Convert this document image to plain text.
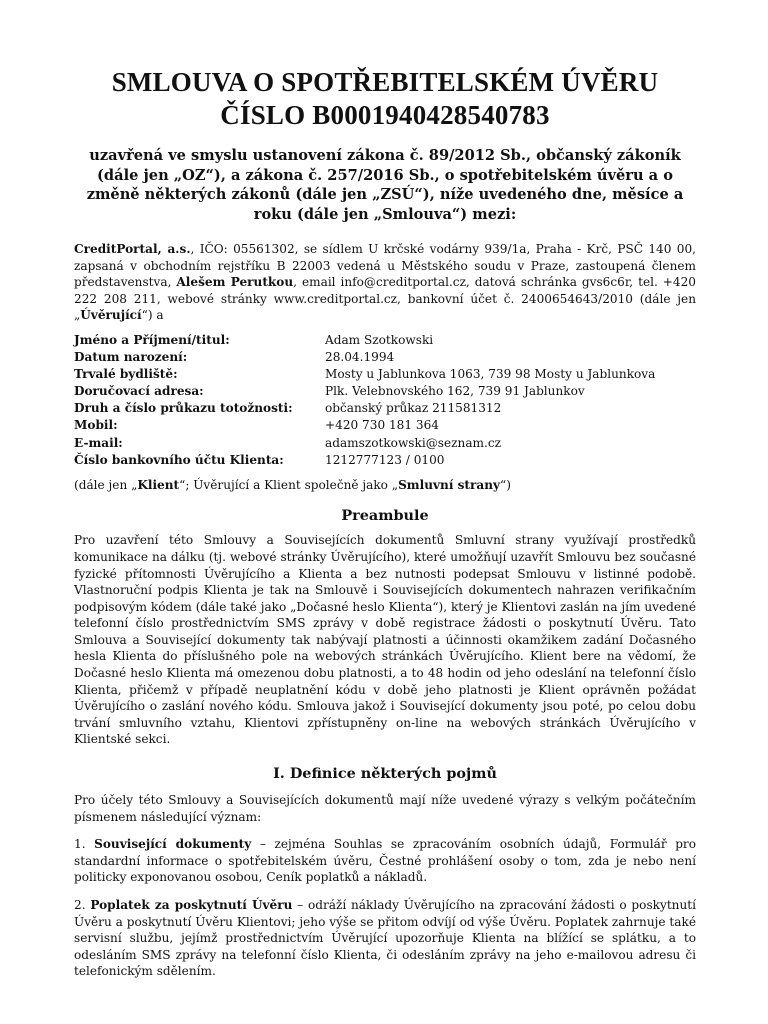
SMLOUVA O SPOTŘEBITELSKÉM ÚVĚRU
ČÍSLO B0001940428540783
uzavřená ve smyslu ustanovení zákona č. 89/2012 Sb., občanský zákoník (dále jen „OZ“), a zákona č. 257/2016 Sb., o spotřebitelském úvěru a o změně některých zákonů (dále jen „ZSÚ“), níže uvedeného dne, měsíce a roku (dále jen „Smlouva“) mezi:
CreditPortal, a.s., IČO: 05561302, se sídlem U krčské vodárny 939/1a, Praha - Krč, PSČ 140 00, zapsaná v obchodním rejstříku B 22003 vedená u Městského soudu v Praze, zastoupená členem představenstva, Alešem Perutkou, email info@creditportal.cz, datová schránka gvs6c6r, tel. +420 222 208 211, webové stránky www.creditportal.cz, bankovní účet č. 2400654643/2010 (dále jen „Úvěrující“) a
Jméno a Příjmení/titul:	Adam Szotkowski
Datum narození:	28.04.1994
Trvalé bydliště:	Mosty u Jablunkova 1063, 739 98 Mosty u Jablunkova
Doručovací adresa:	Plk. Velebnovského 162, 739 91 Jablunkov
Druh a číslo průkazu totožnosti:	občanský průkaz 211581312
Mobil:	+420 730 181 364
E-mail:	adamszotkowski@seznam.cz
Číslo bankovního účtu Klienta:	1212777123 / 0100
(dále jen „Klient“; Úvěrující a Klient společně jako „Smluvní strany“)
Preambule
Pro uzavření této Smlouvy a Souvisejících dokumentů Smluvní strany využívají prostředků komunikace na dálku (tj. webové stránky Úvěrujícího), které umožňují uzavřít Smlouvu bez současné fyzické přítomnosti Úvěrujícího a Klienta a bez nutnosti podepsat Smlouvu v listinné podobě. Vlastnoruční podpis Klienta je tak na Smlouvě i Souvisejících dokumentech nahrazen verifikačním podpisovým kódem (dále také jako „Dočasné heslo Klienta“), který je Klientovi zaslán na jím uvedené telefonní číslo prostřednictvím SMS zprávy v době registrace žádosti o poskytnutí Úvěru. Tato Smlouva a Související dokumenty tak nabývají platnosti a účinnosti okamžikem zadání Dočasného hesla Klienta do příslušného pole na webových stránkách Úvěrujícího. Klient bere na vědomí, že Dočasné heslo Klienta má omezenou dobu platnosti, a to 48 hodin od jeho odeslání na telefonní číslo Klienta, přičemž v případě neuplatnění kódu v době jeho platnosti je Klient oprávněn požádat Úvěrujícího o zaslání nového kódu. Smlouva jakož i Související dokumenty jsou poté, po celou dobu trvání smluvního vztahu, Klientovi zpřístupněny on-line na webových stránkách Úvěrujícího v Klientské sekci.
I. Definice některých pojmů
Pro účely této Smlouvy a Souvisejících dokumentů mají níže uvedené výrazy s velkým počátečním písmenem následující význam:
1. Související dokumenty – zejména Souhlas se zpracováním osobních údajů, Formulář pro standardní informace o spotřebitelském úvěru, Čestné prohlášení osoby o tom, zda je nebo není politicky exponovanou osobou, Ceník poplatků a nákladů.
2. Poplatek za poskytnutí Úvěru – odráží náklady Úvěrujícího na zpracování žádosti o poskytnutí Úvěru a poskytnutí Úvěru Klientovi; jeho výše se přitom odvíjí od výše Úvěru. Poplatek zahrnuje také servisní službu, jejímž prostřednictvím Úvěrující upozorňuje Klienta na blížící se splátku, a to odesláním SMS zprávy na telefonní číslo Klienta, či odesláním zprávy na jeho e-mailovou adresu či telefonickým sdělením.
